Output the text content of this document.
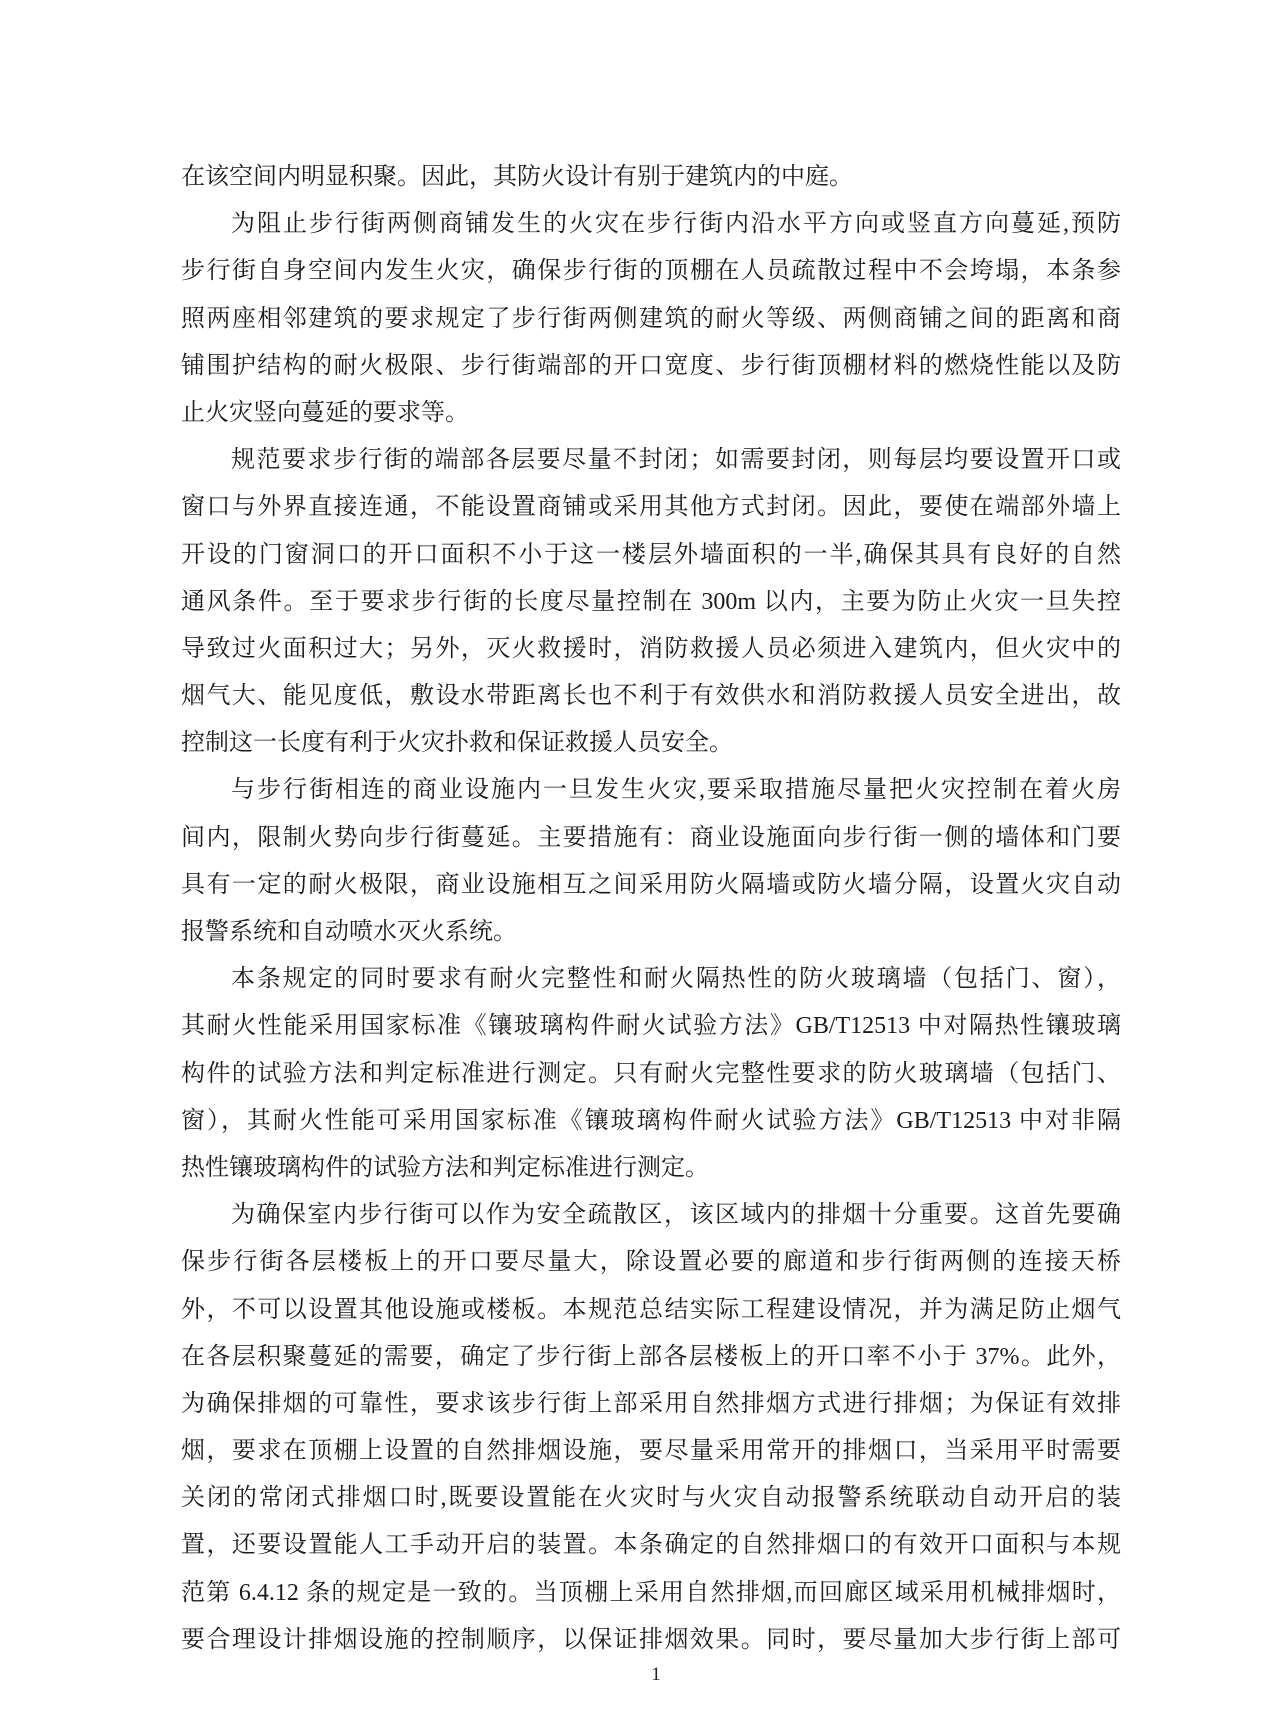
在该空间内明显积聚。因此，其防火设计有别于建筑内的中庭。
为阻止步行街两侧商铺发生的火灾在步行街内沿水平方向或竖直方向蔓延,预防
步行街自身空间内发生火灾，确保步行街的顶棚在人员疏散过程中不会垮塌，本条参
照两座相邻建筑的要求规定了步行街两侧建筑的耐火等级、两侧商铺之间的距离和商
铺围护结构的耐火极限、步行街端部的开口宽度、步行街顶棚材料的燃烧性能以及防
止火灾竖向蔓延的要求等。
规范要求步行街的端部各层要尽量不封闭；如需要封闭，则每层均要设置开口或
窗口与外界直接连通，不能设置商铺或采用其他方式封闭。因此，要使在端部外墙上
开设的门窗洞口的开口面积不小于这一楼层外墙面积的一半,确保其具有良好的自然
通风条件。至于要求步行街的长度尽量控制在 300m 以内，主要为防止火灾一旦失控
导致过火面积过大；另外，灭火救援时，消防救援人员必须进入建筑内，但火灾中的
烟气大、能见度低，敷设水带距离长也不利于有效供水和消防救援人员安全进出，故
控制这一长度有利于火灾扑救和保证救援人员安全。
与步行街相连的商业设施内一旦发生火灾,要采取措施尽量把火灾控制在着火房
间内，限制火势向步行街蔓延。主要措施有：商业设施面向步行街一侧的墙体和门要
具有一定的耐火极限，商业设施相互之间采用防火隔墙或防火墙分隔，设置火灾自动
报警系统和自动喷水灭火系统。
本条规定的同时要求有耐火完整性和耐火隔热性的防火玻璃墙（包括门、窗），
其耐火性能采用国家标准《镶玻璃构件耐火试验方法》GB/T12513 中对隔热性镶玻璃
构件的试验方法和判定标准进行测定。只有耐火完整性要求的防火玻璃墙（包括门、
窗），其耐火性能可采用国家标准《镶玻璃构件耐火试验方法》GB/T12513 中对非隔
热性镶玻璃构件的试验方法和判定标准进行测定。
为确保室内步行街可以作为安全疏散区，该区域内的排烟十分重要。这首先要确
保步行街各层楼板上的开口要尽量大，除设置必要的廊道和步行街两侧的连接天桥
外，不可以设置其他设施或楼板。本规范总结实际工程建设情况，并为满足防止烟气
在各层积聚蔓延的需要，确定了步行街上部各层楼板上的开口率不小于 37%。此外，
为确保排烟的可靠性，要求该步行街上部采用自然排烟方式进行排烟；为保证有效排
烟，要求在顶棚上设置的自然排烟设施，要尽量采用常开的排烟口，当采用平时需要
关闭的常闭式排烟口时,既要设置能在火灾时与火灾自动报警系统联动自动开启的装
置，还要设置能人工手动开启的装置。本条确定的自然排烟口的有效开口面积与本规
范第 6.4.12 条的规定是一致的。当顶棚上采用自然排烟,而回廊区域采用机械排烟时，
要合理设计排烟设施的控制顺序，以保证排烟效果。同时，要尽量加大步行街上部可
1
